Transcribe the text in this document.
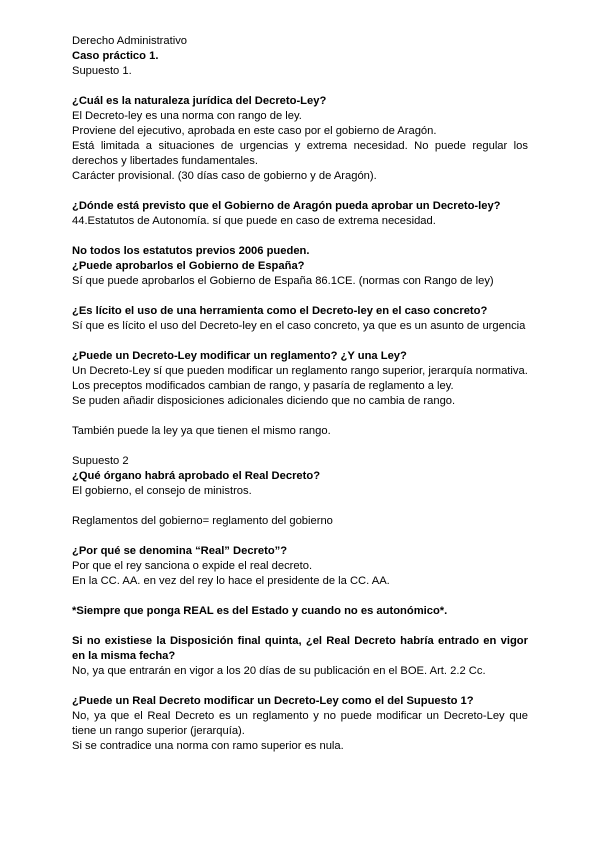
Derecho Administrativo

Caso práctico 1.

Supuesto 1.

¿Cuál es la naturaleza jurídica del Decreto-Ley?

El Decreto-ley es una norma con rango de ley.

Proviene del ejecutivo, aprobada en este caso por el gobierno de Aragón.

Está limitada a situaciones de urgencias y extrema necesidad. No puede regular los derechos y libertades fundamentales.

Carácter provisional. (30 días caso de gobierno y de Aragón).

¿Dónde está previsto que el Gobierno de Aragón pueda aprobar un Decreto-ley?

44.Estatutos de Autonomía. sí que puede en caso de extrema necesidad.

No todos los estatutos previos 2006 pueden.

¿Puede aprobarlos el Gobierno de España?

Sí que puede aprobarlos el Gobierno de España 86.1CE. (normas con Rango de ley)

¿Es lícito el uso de una herramienta como el Decreto-ley en el caso concreto?

Sí que es lícito el uso del Decreto-ley en el caso concreto, ya que es un asunto de urgencia

¿Puede un Decreto-Ley modificar un reglamento? ¿Y una Ley?

Un Decreto-Ley sí que pueden modificar un reglamento rango superior, jerarquía normativa.

Los preceptos modificados cambian de rango, y pasaría de reglamento a ley.

Se puden añadir disposiciones adicionales diciendo que no cambia de rango.

También puede la ley ya que tienen el mismo rango.

Supuesto 2

¿Qué órgano habrá aprobado el Real Decreto?

El gobierno, el consejo de ministros.

Reglamentos del gobierno= reglamento del gobierno

¿Por qué se denomina “Real” Decreto”?

Por que el rey sanciona o expide el real decreto.

En la CC. AA. en vez del rey lo hace el presidente de la CC. AA.

*Siempre que ponga REAL es del Estado y cuando no es autonómico*.

Si no existiese la Disposición final quinta, ¿el Real Decreto habría entrado en vigor en la misma fecha?

No, ya que entrarán en vigor a los 20 días de su publicación en el BOE. Art. 2.2 Cc.

¿Puede un Real Decreto modificar un Decreto-Ley como el del Supuesto 1?

No, ya que el Real Decreto es un reglamento y no puede modificar un Decreto-Ley que tiene un rango superior (jerarquía).

Si se contradice una norma con ramo superior es nula.
